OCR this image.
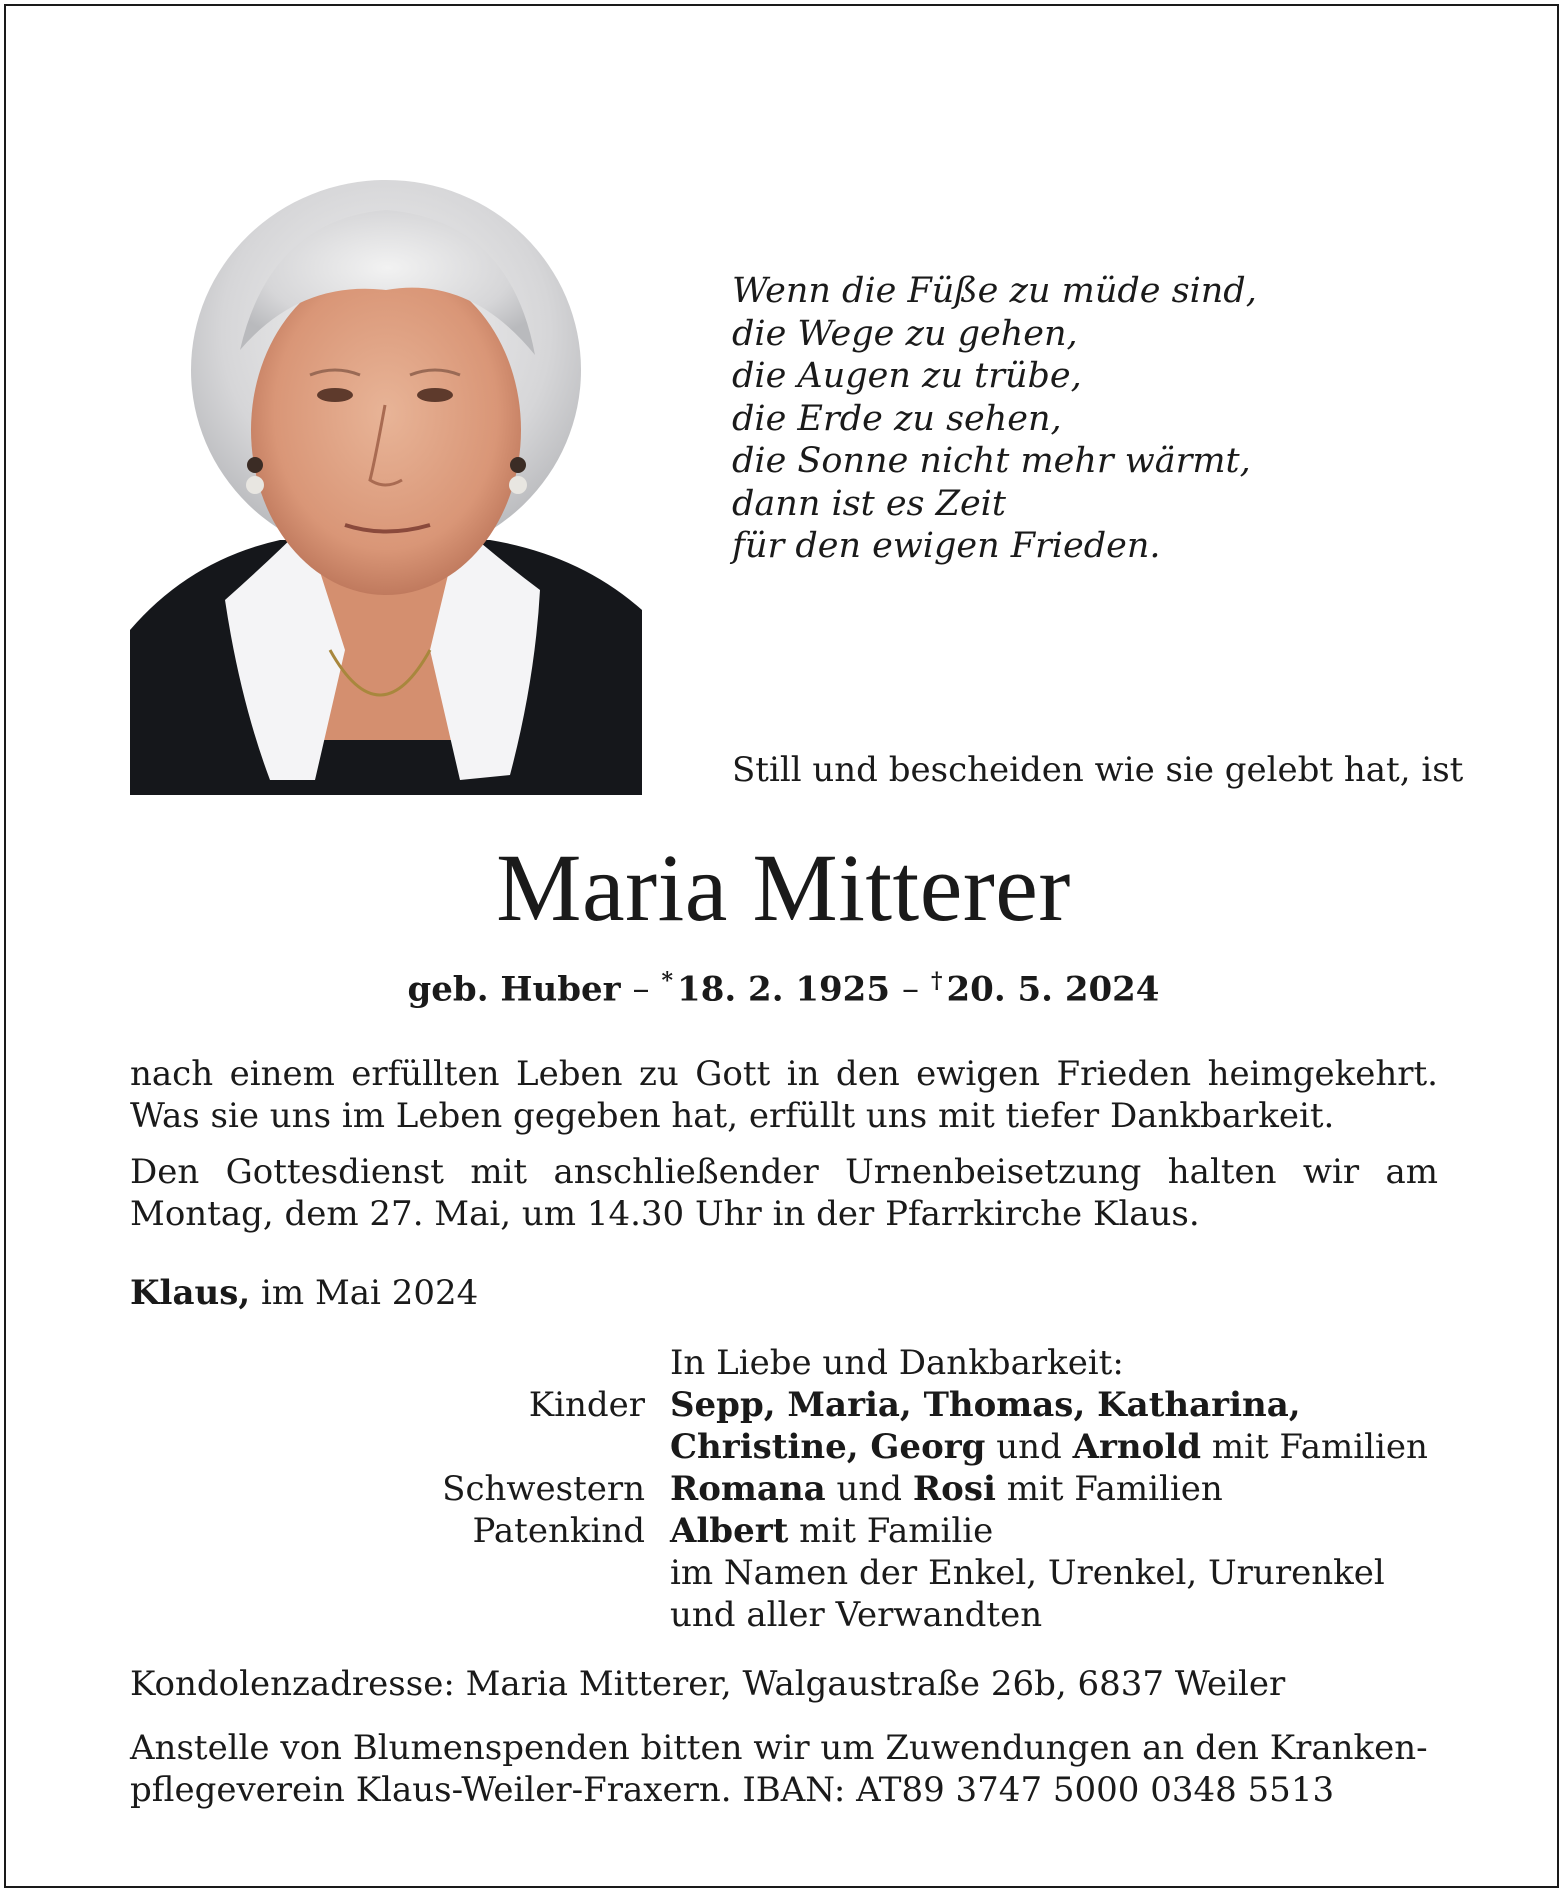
Wenn die Füße zu müde sind,
die Wege zu gehen,
die Augen zu trübe,
die Erde zu sehen,
die Sonne nicht mehr wärmt,
dann ist es Zeit
für den ewigen Frieden.
Still und bescheiden wie sie gelebt hat, ist
Maria Mitterer
geb. Huber – * 18. 2. 1925 – † 20. 5. 2024
nach einem erfüllten Leben zu Gott in den ewigen Frieden heimgekehrt. Was sie uns im Leben gegeben hat, erfüllt uns mit tiefer Dankbarkeit.
Den Gottesdienst mit anschließender Urnenbeisetzung halten wir am Montag, dem 27. Mai, um 14.30 Uhr in der Pfarrkirche Klaus.
Klaus, im Mai 2024
In Liebe und Dankbarkeit:
Kinder Sepp, Maria, Thomas, Katharina,
Christine, Georg und Arnold mit Familien
Schwestern Romana und Rosi mit Familien
Patenkind Albert mit Familie
im Namen der Enkel, Urenkel, Ururenkel
und aller Verwandten
Kondolenzadresse: Maria Mitterer, Walgaustraße 26b, 6837 Weiler
Anstelle von Blumenspenden bitten wir um Zuwendungen an den Kranken-
pflegeverein Klaus-Weiler-Fraxern. IBAN: AT89 3747 5000 0348 5513
